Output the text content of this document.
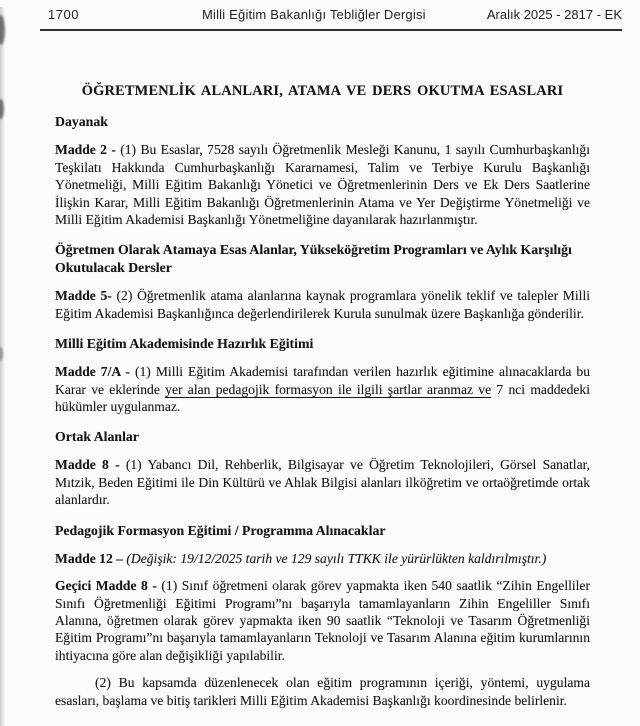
1700	Milli Eğitim Bakanlığı Tebliğler Dergisi	Aralık 2025 - 2817 - EK
ÖĞRETMENLİK ALANLARI, ATAMA VE DERS OKUTMA ESASLARI
Dayanak

Madde 2 - (1) Bu Esaslar, 7528 sayılı Öğretmenlik Mesleği Kanunu, 1 sayılı Cumhurbaşkanlığı Teşkilatı Hakkında Cumhurbaşkanlığı Kararnamesi, Talim ve Terbiye Kurulu Başkanlığı Yönetmeliği, Milli Eğitim Bakanlığı Yönetici ve Öğretmenlerinin Ders ve Ek Ders Saatlerine İlişkin Karar, Milli Eğitim Bakanlığı Öğretmenlerinin Atama ve Yer Değiştirme Yönetmeliği ve Milli Eğitim Akademisi Başkanlığı Yönetmeliğine dayanılarak hazırlanmıştır.

Öğretmen Olarak Atamaya Esas Alanlar, Yükseköğretim Programları ve Aylık Karşılığı Okutulacak Dersler

Madde 5- (2) Öğretmenlik atama alanlarına kaynak programlara yönelik teklif ve talepler Milli Eğitim Akademisi Başkanlığınca değerlendirilerek Kurula sunulmak üzere Başkanlığa gönderilir.

Milli Eğitim Akademisinde Hazırlık Eğitimi

Madde 7/A - (1) Milli Eğitim Akademisi tarafından verilen hazırlık eğitimine alınacaklarda bu Karar ve eklerinde yer alan pedagojik formasyon ile ilgili şartlar aranmaz ve 7 nci maddedeki hükümler uygulanmaz.

Ortak Alanlar

Madde 8 - (1) Yabancı Dil, Rehberlik, Bilgisayar ve Öğretim Teknolojileri, Görsel Sanatlar, Mıtzik, Beden Eğitimi ile Din Kültürü ve Ahlak Bilgisi alanları ilköğretim ve ortaöğretimde ortak alanlardır.

Pedagojik Formasyon Eğitimi / Programma Alınacaklar

Madde 12 – (Değişik: 19/12/2025 tarih ve 129 sayılı TTKK ile yürürlükten kaldırılmıştır.)

Geçici Madde 8 - (1) Sınıf öğretmeni olarak görev yapmakta iken 540 saatlik “Zihin Engelliler Sınıfı Öğretmenliği Eğitimi Programı”nı başarıyla tamamlayanların Zihin Engeliller Sınıfı Alanına, öğretmen olarak görev yapmakta iken 90 saatlik “Teknoloji ve Tasarım Öğretmenliği Eğitim Programı”nı başarıyla tamamlayanların Teknoloji ve Tasarım Alanına eğitim kurumlarının ihtiyacına göre alan değişikliği yapılabilir.

(2) Bu kapsamda düzenlenecek olan eğitim programının içeriği, yöntemi, uygulama esasları, başlama ve bitiş tarikleri Milli Eğitim Akademisi Başkanlığı koordinesinde belirlenir.
